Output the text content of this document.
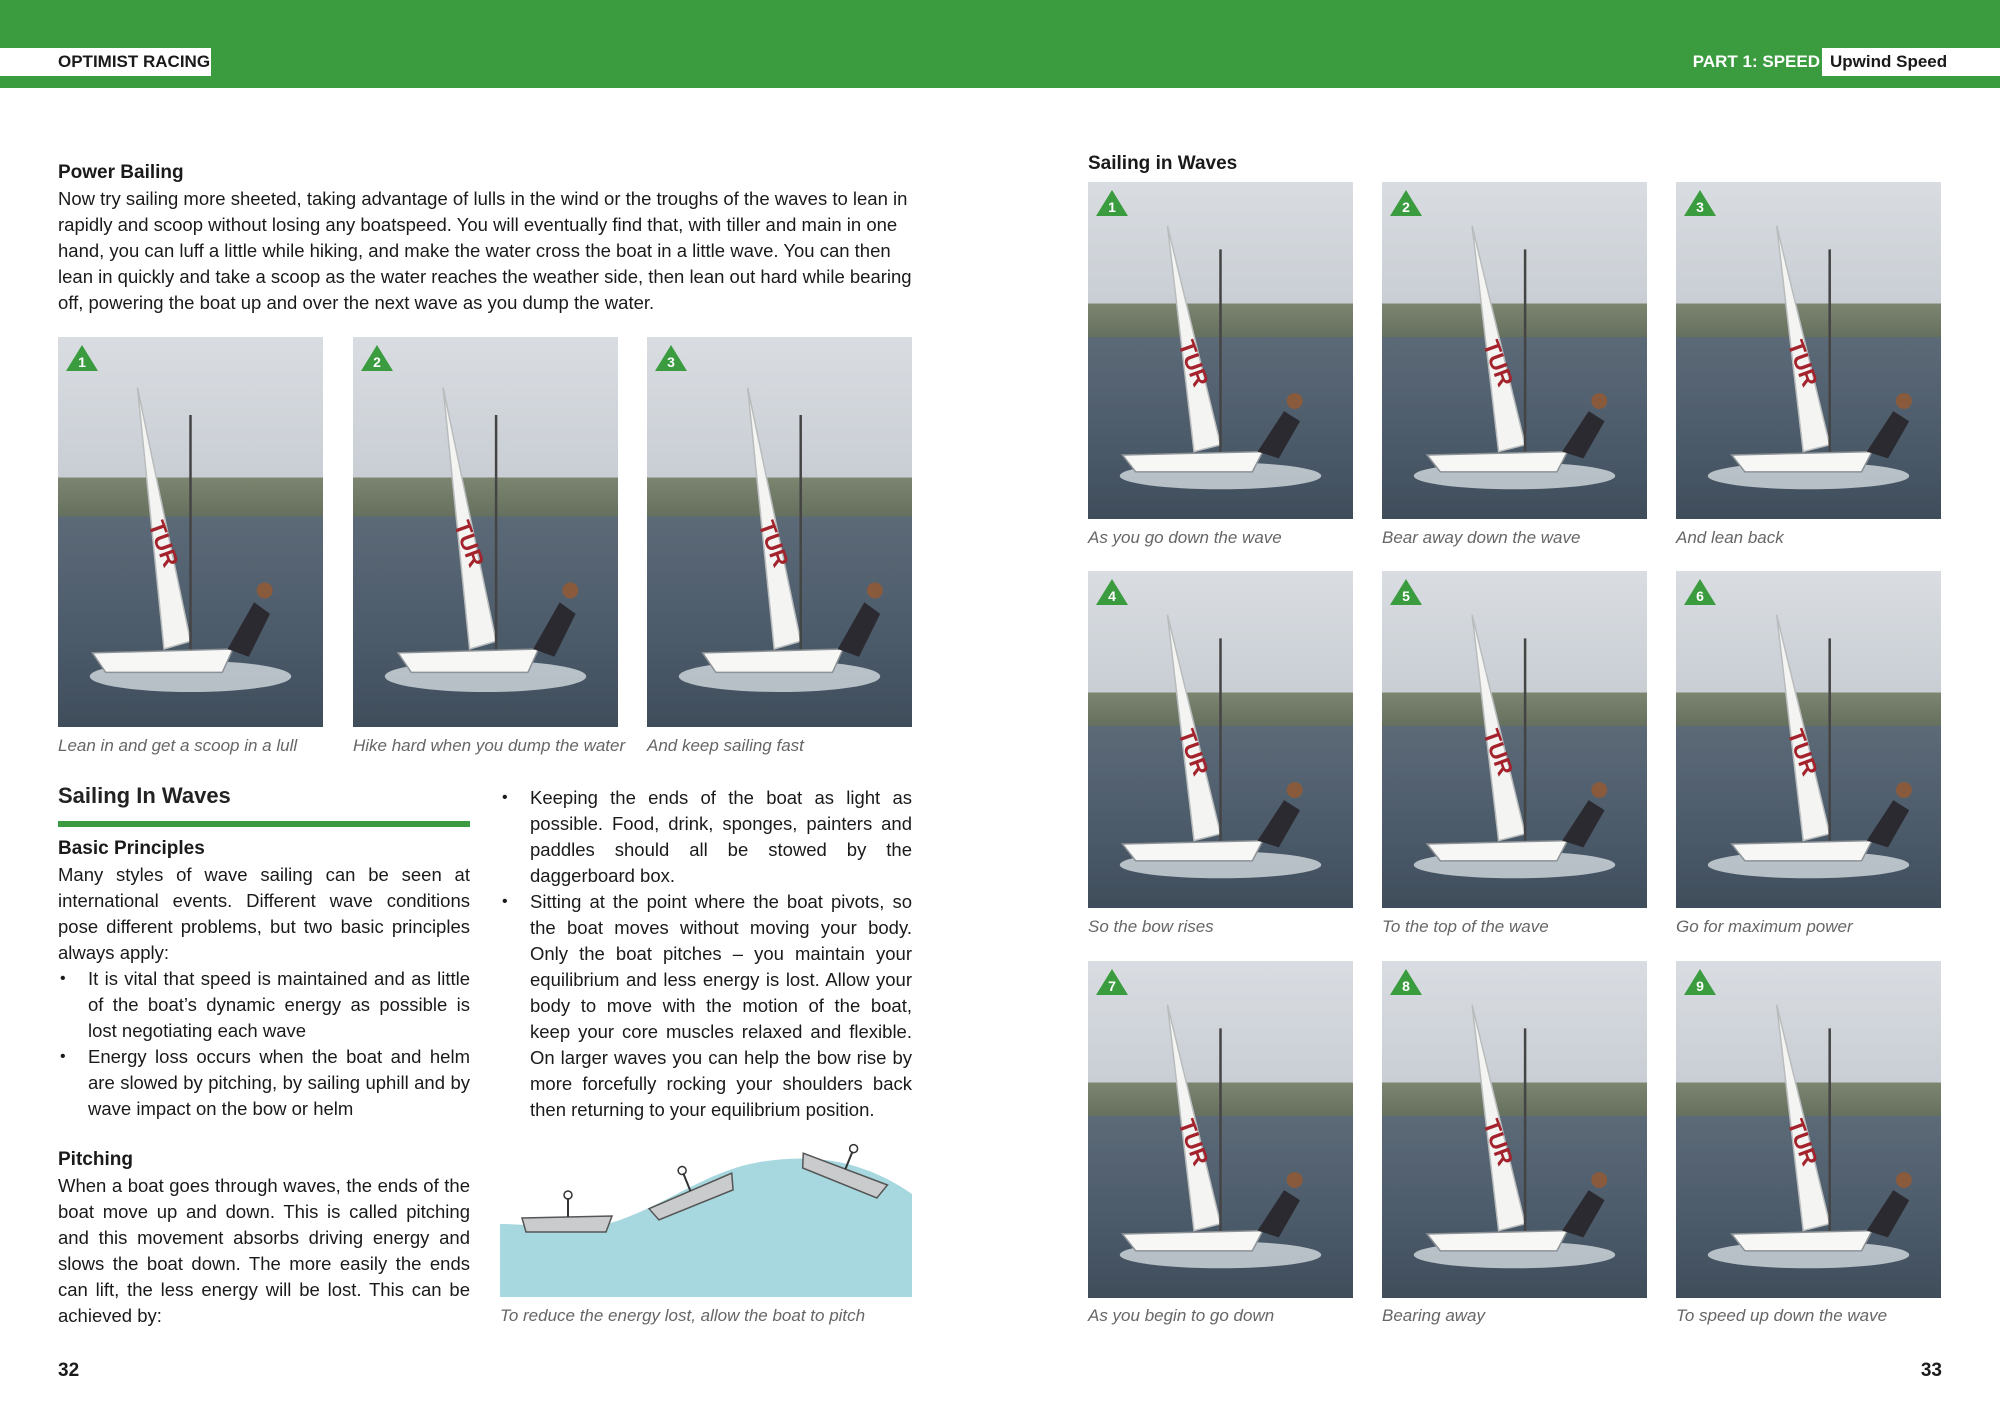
OPTIMIST RACING	PART 1: SPEED Upwind Speed
Power Bailing

Now try sailing more sheeted, taking advantage of lulls in the wind or the troughs of the waves to lean in rapidly and scoop without losing any boatspeed. You will eventually find that, with tiller and main in one hand, you can luff a little while hiking, and make the water cross the boat in a little wave. You can then lean in quickly and take a scoop as the water reaches the weather side, then lean out hard while bearing off, powering the boat up and over the next wave as you dump the water.

TUR
1
TUR
2
TUR
3
Lean in and get a scoop in a lull	Hike hard when you dump the water And keep sailing fast
Sailing In Waves
Basic Principles

Many styles of wave sailing can be seen at international events. Different wave conditions pose different problems, but two basic principles always apply:

• It is vital that speed is maintained and as little of the boat’s dynamic energy as possible is lost negotiating each wave
• Energy loss occurs when the boat and helm are slowed by pitching, by sailing uphill and by wave impact on the bow or helm
Pitching

When a boat goes through waves, the ends of the boat move up and down. This is called pitching and this movement absorbs driving energy and slows the boat down. The more easily the ends can lift, the less energy will be lost. This can be achieved by:

• Keeping the ends of the boat as light as possible. Food, drink, sponges, painters and paddles should all be stowed by the daggerboard box.
• Sitting at the point where the boat pivots, so the boat moves without moving your body. Only the boat pitches – you maintain your equilibrium and less energy is lost. Allow your body to move with the motion of the boat, keep your core muscles relaxed and flexible. On larger waves you can help the bow rise by more forcefully rocking your shoulders back then returning to your equilibrium position.
To reduce the energy lost, allow the boat to pitch
32
Sailing in Waves
TUR
1
TUR
2
TUR
3
As you go down the wave	Bear away down the wave	And lean back
TUR
4
TUR
5
TUR
6
So the bow rises	To the top of the wave	Go for maximum power
TUR
7
TUR
8
TUR
9
As you begin to go down	Bearing away	To speed up down the wave
33
